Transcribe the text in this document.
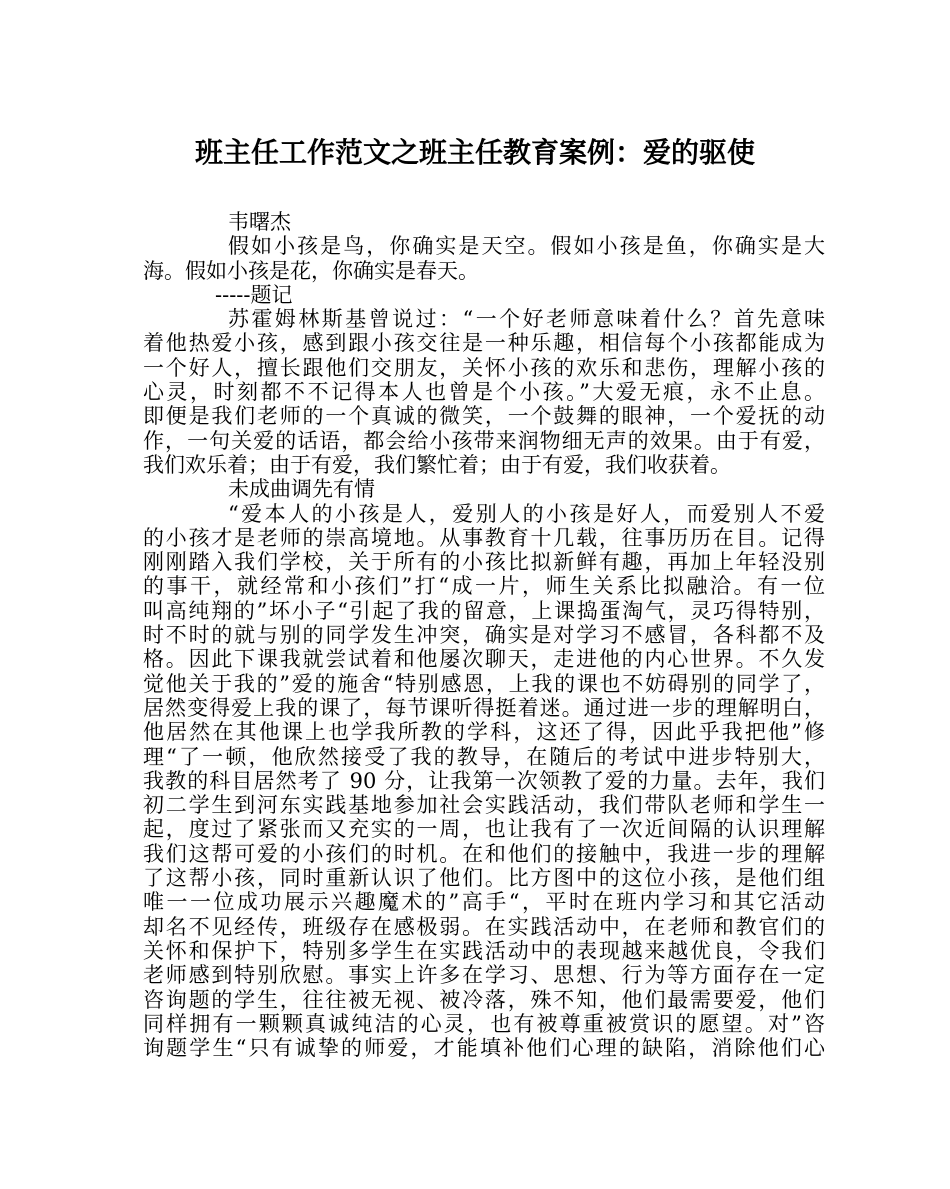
班主任工作范文之班主任教育案例：爱的驱使
韦曙杰
假如小孩是鸟，你确实是天空。假如小孩是鱼，你确实是大
海。假如小孩是花，你确实是春天。
-----题记
苏霍姆林斯基曾说过：“一个好老师意味着什么？首先意味
着他热爱小孩，感到跟小孩交往是一种乐趣，相信每个小孩都能成为
一个好人，擅长跟他们交朋友，关怀小孩的欢乐和悲伤，理解小孩的
心灵，时刻都不不记得本人也曾是个小孩。”大爱无痕，永不止息。
即便是我们老师的一个真诚的微笑，一个鼓舞的眼神，一个爱抚的动
作，一句关爱的话语，都会给小孩带来润物细无声的效果。由于有爱，
我们欢乐着；由于有爱，我们繁忙着；由于有爱，我们收获着。
未成曲调先有情
“爱本人的小孩是人，爱别人的小孩是好人，而爱别人不爱
的小孩才是老师的崇高境地。从事教育十几载，往事历历在目。记得
刚刚踏入我们学校，关于所有的小孩比拟新鲜有趣，再加上年轻没别
的事干，就经常和小孩们”打“成一片，师生关系比拟融洽。有一位
叫高纯翔的”坏小子“引起了我的留意，上课捣蛋淘气，灵巧得特别，
时不时的就与别的同学发生冲突，确实是对学习不感冒，各科都不及
格。因此下课我就尝试着和他屡次聊天，走进他的内心世界。不久发
觉他关于我的”爱的施舍“特别感恩，上我的课也不妨碍别的同学了，
居然变得爱上我的课了，每节课听得挺着迷。通过进一步的理解明白，
他居然在其他课上也学我所教的学科，这还了得，因此乎我把他”修
理“了一顿，他欣然接受了我的教导，在随后的考试中进步特别大，
我教的科目居然考了 90 分，让我第一次领教了爱的力量。去年，我们
初二学生到河东实践基地参加社会实践活动，我们带队老师和学生一
起，度过了紧张而又充实的一周，也让我有了一次近间隔的认识理解
我们这帮可爱的小孩们的时机。在和他们的接触中，我进一步的理解
了这帮小孩，同时重新认识了他们。比方图中的这位小孩，是他们组
唯一一位成功展示兴趣魔术的”高手“，平时在班内学习和其它活动
却名不见经传，班级存在感极弱。在实践活动中，在老师和教官们的
关怀和保护下，特别多学生在实践活动中的表现越来越优良，令我们
老师感到特别欣慰。事实上许多在学习、思想、行为等方面存在一定
咨询题的学生，往往被无视、被冷落，殊不知，他们最需要爱，他们
同样拥有一颗颗真诚纯洁的心灵，也有被尊重被赏识的愿望。对”咨
询题学生“只有诚挚的师爱，才能填补他们心理的缺陷，消除他们心
